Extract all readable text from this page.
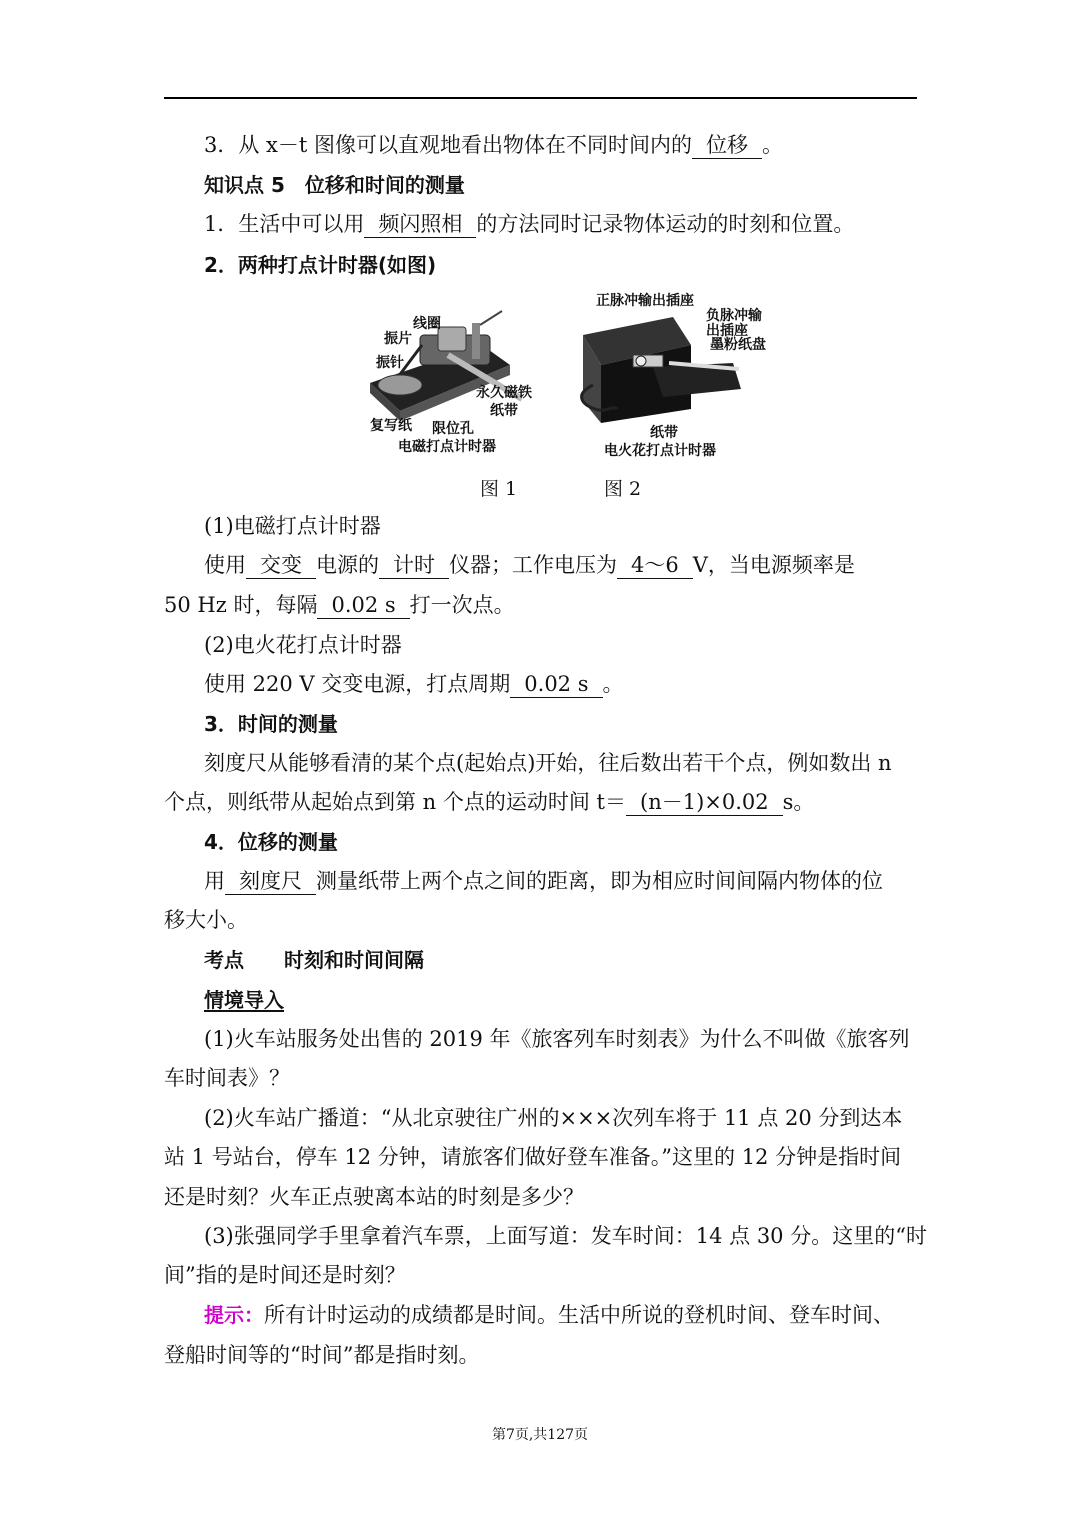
3．从 x－t 图像可以直观地看出物体在不同时间内的 位移 。
知识点 5　位移和时间的测量
1．生活中可以用 频闪照相 的方法同时记录物体运动的时刻和位置。
2．两种打点计时器(如图)
线圈
振片
振针
永久磁铁
纸带
复写纸 限位孔
电磁打点计时器
正脉冲输出插座
负脉冲输
出插座
墨粉纸盘
纸带
电火花打点计时器
图 1	图 2
(1)电磁打点计时器
使用 交变 电源的 计时 仪器；工作电压为 4～6 V，当电源频率是
50 Hz 时，每隔 0.02 s 打一次点。
(2)电火花打点计时器
使用 220 V 交变电源，打点周期 0.02 s 。
3．时间的测量
刻度尺从能够看清的某个点(起始点)开始，往后数出若干个点，例如数出 n
个点，则纸带从起始点到第 n 个点的运动时间 t＝ (n－1)×0.02 s。
4．位移的测量
用 刻度尺 测量纸带上两个点之间的距离，即为相应时间间隔内物体的位
移大小。
考点　　时刻和时间间隔
情境导入
(1)火车站服务处出售的 2019 年《旅客列车时刻表》为什么不叫做《旅客列
车时间表》？
(2)火车站广播道：“从北京驶往广州的×××次列车将于 11 点 20 分到达本
站 1 号站台，停车 12 分钟，请旅客们做好登车准备。”这里的 12 分钟是指时间
还是时刻？火车正点驶离本站的时刻是多少？
(3)张强同学手里拿着汽车票，上面写道：发车时间：14 点 30 分。这里的“时
间”指的是时间还是时刻？
提示：所有计时运动的成绩都是时间。生活中所说的登机时间、登车时间、
登船时间等的“时间”都是指时刻。
第7页,共127页
